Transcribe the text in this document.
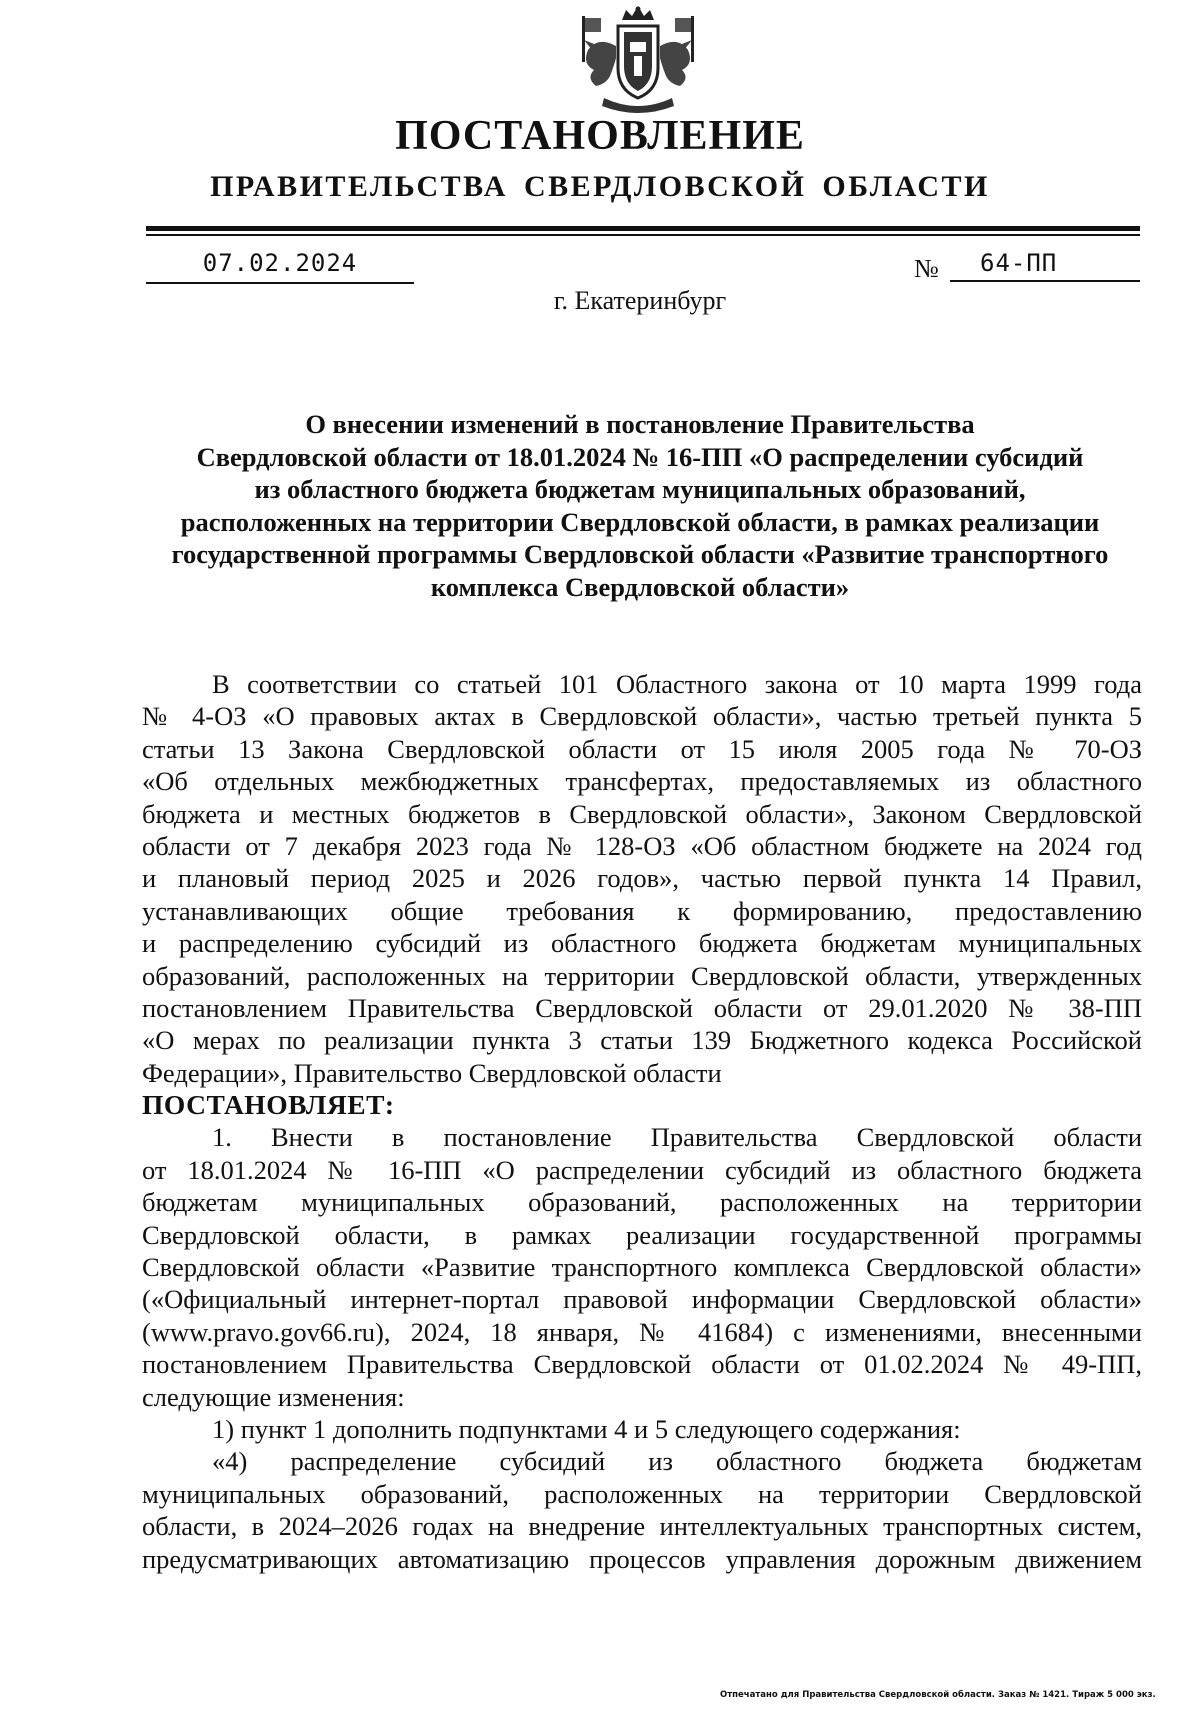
ПОСТАНОВЛЕНИЕ
ПРАВИТЕЛЬСТВА СВЕРДЛОВСКОЙ ОБЛАСТИ
07.02.2024	№	64-ПП
г. Екатеринбург
О внесении изменений в постановление Правительства
Свердловской области от 18.01.2024 № 16-ПП «О распределении субсидий
из областного бюджета бюджетам муниципальных образований,
расположенных на территории Свердловской области, в рамках реализации
государственной программы Свердловской области «Развитие транспортного
комплекса Свердловской области»
В соответствии со статьей 101 Областного закона от 10 марта 1999 года
№ 4-ОЗ «О правовых актах в Свердловской области», частью третьей пункта 5
статьи 13 Закона Свердловской области от 15 июля 2005 года № 70-ОЗ
«Об отдельных межбюджетных трансфертах, предоставляемых из областного
бюджета и местных бюджетов в Свердловской области», Законом Свердловской
области от 7 декабря 2023 года № 128-ОЗ «Об областном бюджете на 2024 год
и плановый период 2025 и 2026 годов», частью первой пункта 14 Правил,
устанавливающих общие требования к формированию, предоставлению
и распределению субсидий из областного бюджета бюджетам муниципальных
образований, расположенных на территории Свердловской области, утвержденных
постановлением Правительства Свердловской области от 29.01.2020 № 38-ПП
«О мерах по реализации пункта 3 статьи 139 Бюджетного кодекса Российской
Федерации», Правительство Свердловской области
ПОСТАНОВЛЯЕТ:
1. Внести в постановление Правительства Свердловской области
от 18.01.2024 № 16-ПП «О распределении субсидий из областного бюджета
бюджетам муниципальных образований, расположенных на территории
Свердловской области, в рамках реализации государственной программы
Свердловской области «Развитие транспортного комплекса Свердловской области»
(«Официальный интернет-портал правовой информации Свердловской области»
(www.pravo.gov66.ru), 2024, 18 января, № 41684) с изменениями, внесенными
постановлением Правительства Свердловской области от 01.02.2024 № 49-ПП,
следующие изменения:
1) пункт 1 дополнить подпунктами 4 и 5 следующего содержания:
«4) распределение субсидий из областного бюджета бюджетам
муниципальных образований, расположенных на территории Свердловской
области, в 2024–2026 годах на внедрение интеллектуальных транспортных систем,
предусматривающих автоматизацию процессов управления дорожным движением
Отпечатано для Правительства Свердловской области. Заказ № 1421. Тираж 5 000 экз.
